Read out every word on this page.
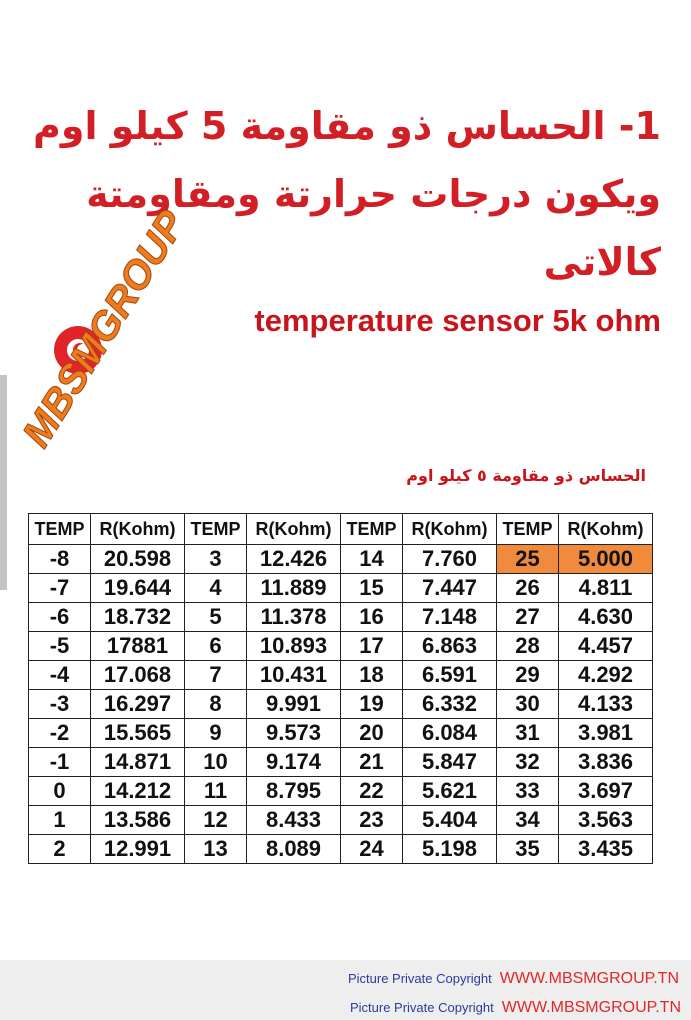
1- الحساس ذو مقاومة 5 كيلو اوم
ويكون درجات حرارتة ومقاومتة
كالاتى
temperature sensor 5k ohm
MBSMGROUP
الحساس ذو مقاومة ٥ كيلو اوم
TEMP	R(Kohm)	TEMP	R(Kohm)	TEMP	R(Kohm)	TEMP	R(Kohm)
-8	20.598	3	12.426	14	7.760	25	5.000
-7	19.644	4	11.889	15	7.447	26	4.811
-6	18.732	5	11.378	16	7.148	27	4.630
-5	17881	6	10.893	17	6.863	28	4.457
-4	17.068	7	10.431	18	6.591	29	4.292
-3	16.297	8	9.991	19	6.332	30	4.133
-2	15.565	9	9.573	20	6.084	31	3.981
-1	14.871	10	9.174	21	5.847	32	3.836
0	14.212	11	8.795	22	5.621	33	3.697
1	13.586	12	8.433	23	5.404	34	3.563
2	12.991	13	8.089	24	5.198	35	3.435
Picture Private Copyright WWW.MBSMGROUP.TN
Picture Private Copyright WWW.MBSMGROUP.TN
